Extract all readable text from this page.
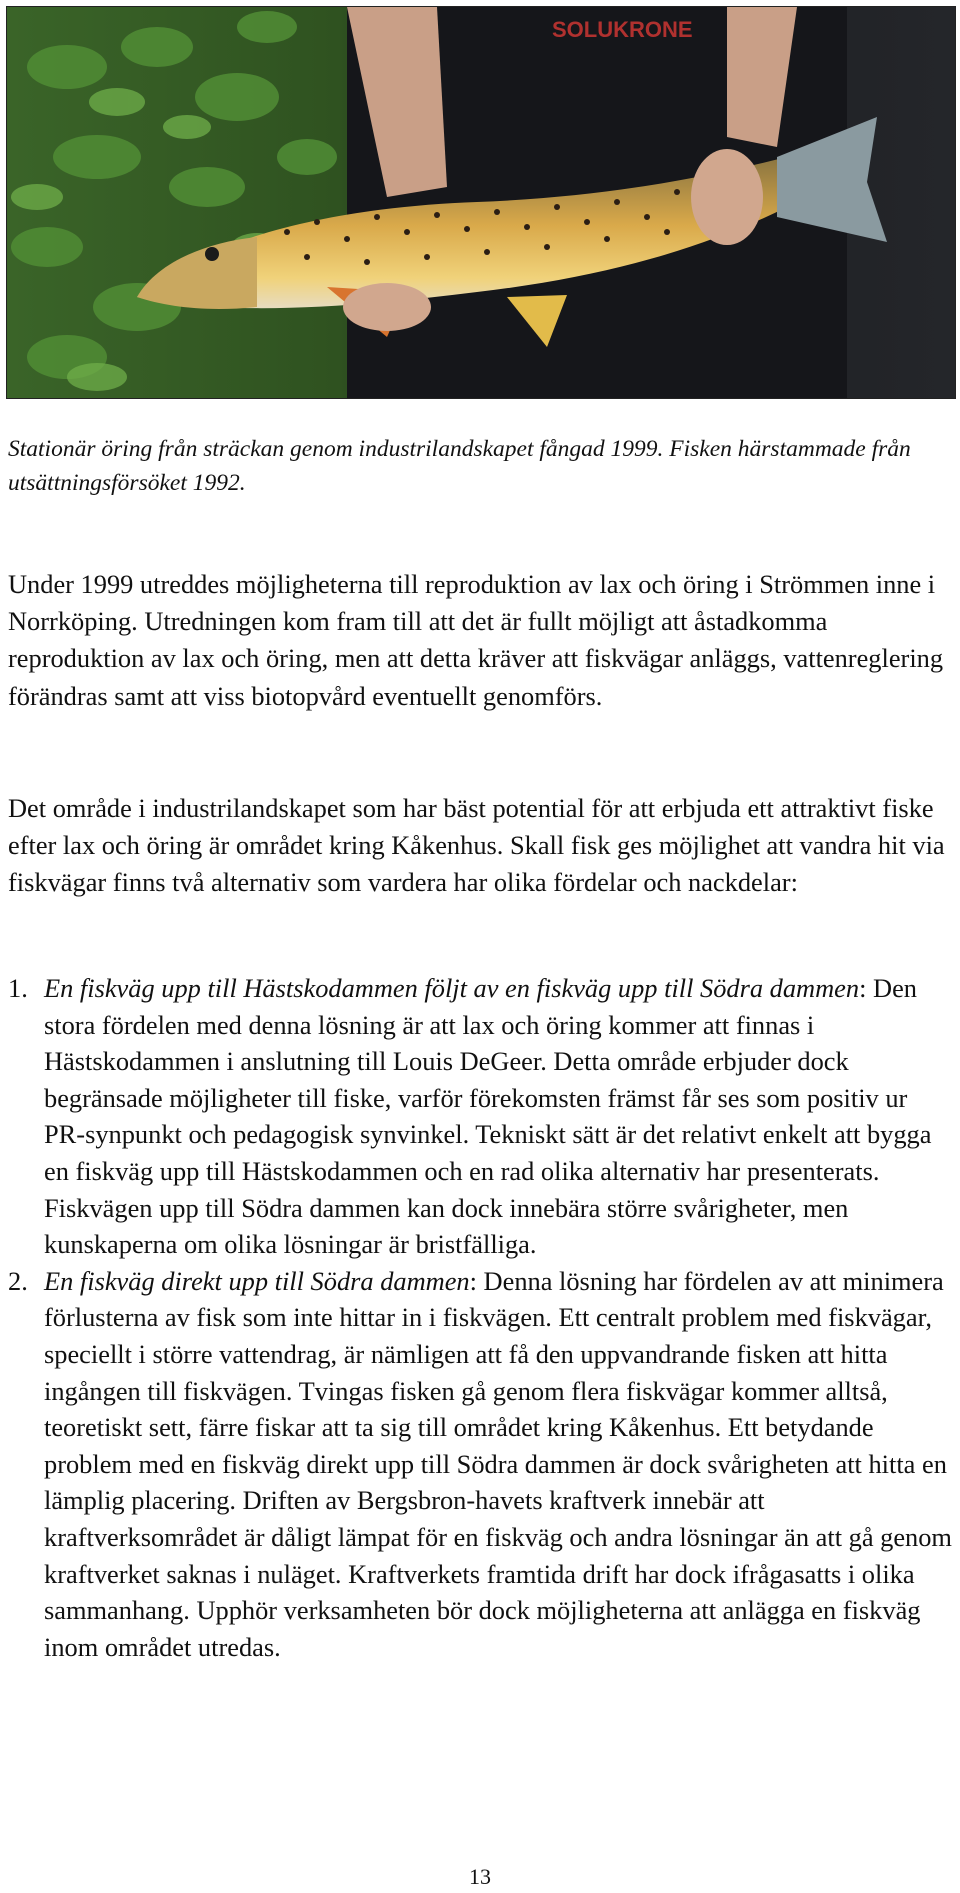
SOLUKRONE
Stationär öring från sträckan genom industrilandskapet fångad 1999. Fisken härstammade från utsättningsförsöket 1992.

Under 1999 utreddes möjligheterna till reproduktion av lax och öring i Strömmen inne i Norrköping. Utredningen kom fram till att det är fullt möjligt att åstadkomma reproduktion av lax och öring, men att detta kräver att fiskvägar anläggs, vattenreglering förändras samt att viss biotopvård eventuellt genomförs.

Det område i industrilandskapet som har bäst potential för att erbjuda ett attraktivt fiske efter lax och öring är området kring Kåkenhus. Skall fisk ges möjlighet att vandra hit via fiskvägar finns två alternativ som vardera har olika fördelar och nackdelar:

1. En fiskväg upp till Hästskodammen följt av en fiskväg upp till Södra dammen: Den stora fördelen med denna lösning är att lax och öring kommer att finnas i Hästskodammen i anslutning till Louis DeGeer. Detta område erbjuder dock begränsade möjligheter till fiske, varför förekomsten främst får ses som positiv ur PR-synpunkt och pedagogisk synvinkel. Tekniskt sätt är det relativt enkelt att bygga en fiskväg upp till Hästskodammen och en rad olika alternativ har presenterats. Fiskvägen upp till Södra dammen kan dock innebära större svårigheter, men kunskaperna om olika lösningar är bristfälliga.
2. En fiskväg direkt upp till Södra dammen: Denna lösning har fördelen av att minimera förlusterna av fisk som inte hittar in i fiskvägen. Ett centralt problem med fiskvägar, speciellt i större vattendrag, är nämligen att få den uppvandrande fisken att hitta ingången till fiskvägen. Tvingas fisken gå genom flera fiskvägar kommer alltså, teoretiskt sett, färre fiskar att ta sig till området kring Kåkenhus. Ett betydande problem med en fiskväg direkt upp till Södra dammen är dock svårigheten att hitta en lämplig placering. Driften av Bergsbron-havets kraftverk innebär att kraftverksområdet är dåligt lämpat för en fiskväg och andra lösningar än att gå genom kraftverket saknas i nuläget. Kraftverkets framtida drift har dock ifrågasatts i olika sammanhang. Upphör verksamheten bör dock möjligheterna att anlägga en fiskväg inom området utredas.
13
